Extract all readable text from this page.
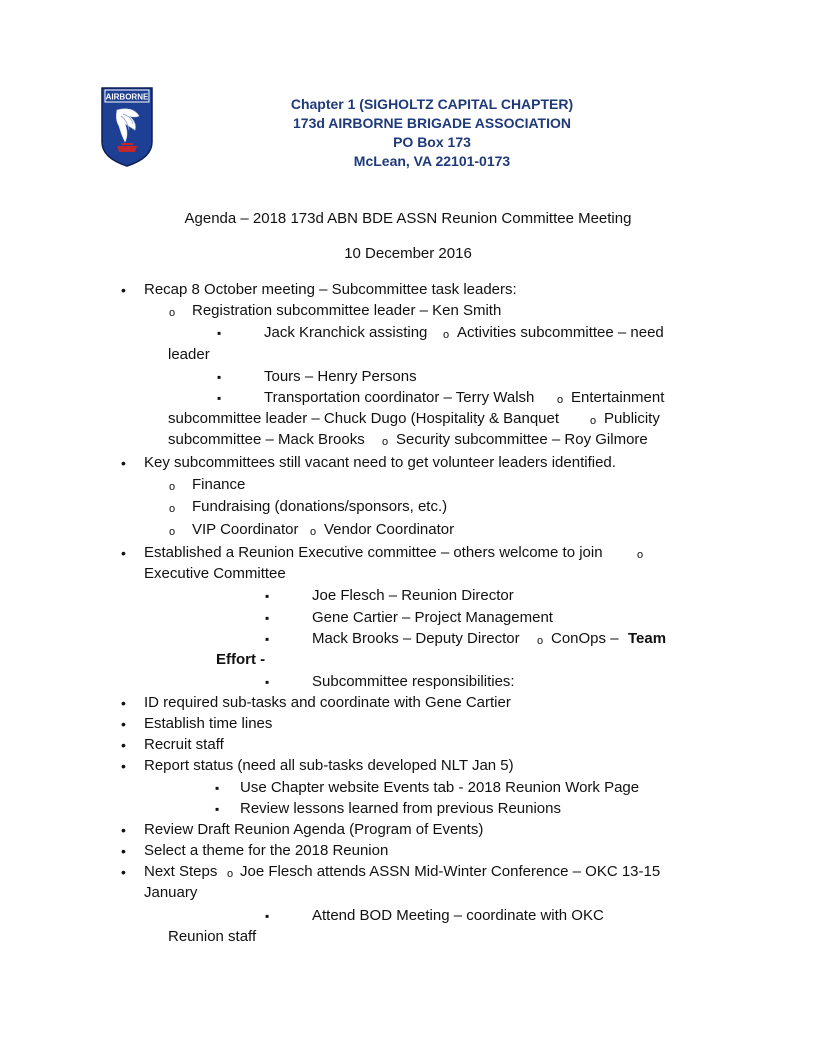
AIRBORNE	Chapter 1 (SIGHOLTZ CAPITAL CHAPTER)
173d AIRBORNE BRIGADE ASSOCIATION
PO Box 173
McLean, VA 22101-0173
Agenda – 2018 173d ABN BDE ASSN Reunion Committee Meeting
10 December 2016
•
Recap 8 October meeting – Subcommittee task leaders:
o
Registration subcommittee leader – Ken Smith
▪
Jack Kranchick assisting o Activities subcommittee – need
leader
▪
Tours – Henry Persons
▪
Transportation coordinator – Terry Walsh o Entertainment
subcommittee leader – Chuck Dugo (Hospitality & Banquet o	Publicity
subcommittee – Mack Brooks o Security subcommittee – Roy Gilmore
•
Key subcommittees still vacant need to get volunteer leaders identified.
o
Finance
o
Fundraising (donations/sponsors, etc.)
o
VIP Coordinator o Vendor Coordinator
•
Established a Reunion Executive committee – others welcome to join
o
Executive Committee
▪
Joe Flesch – Reunion Director
▪
Gene Cartier – Project Management
▪
Mack Brooks – Deputy Director o ConOps – Team
Effort -
▪
Subcommittee responsibilities:
•
ID required sub-tasks and coordinate with Gene Cartier
•
Establish time lines
•
Recruit staff
•
Report status (need all sub-tasks developed NLT Jan 5)
▪
Use Chapter website Events tab - 2018 Reunion Work Page
▪
Review lessons learned from previous Reunions
•
Review Draft Reunion Agenda (Program of Events)
•
Select a theme for the 2018 Reunion
•
Next Steps o Joe Flesch attends ASSN Mid-Winter Conference – OKC 13-15
January
▪
Attend BOD Meeting – coordinate with OKC
Reunion staff
